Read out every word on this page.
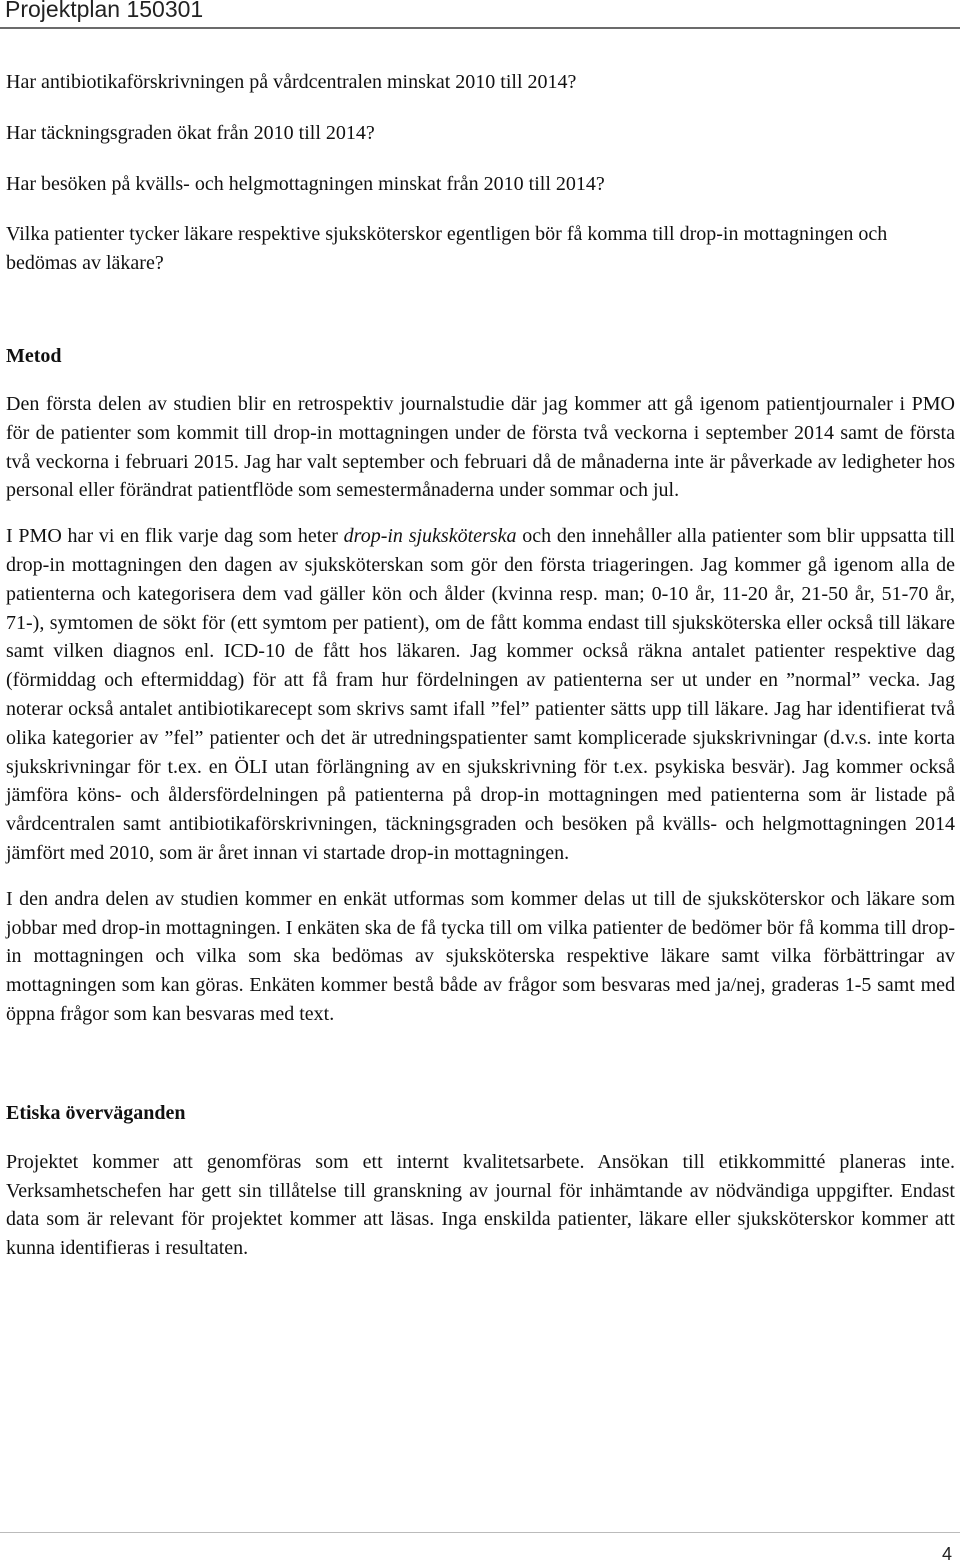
Projektplan 150301

Har antibiotikaförskrivningen på vårdcentralen minskat 2010 till 2014?

Har täckningsgraden ökat från 2010 till 2014?

Har besöken på kvälls- och helgmottagningen minskat från 2010 till 2014?

Vilka patienter tycker läkare respektive sjuksköterskor egentligen bör få komma till drop-in mottagningen och bedömas av läkare?

Metod

Den första delen av studien blir en retrospektiv journalstudie där jag kommer att gå igenom patientjournaler i PMO för de patienter som kommit till drop-in mottagningen under de första två veckorna i september 2014 samt de första två veckorna i februari 2015. Jag har valt september och februari då de månaderna inte är påverkade av ledigheter hos personal eller förändrat patientflöde som semestermånaderna under sommar och jul.

I PMO har vi en flik varje dag som heter drop-in sjuksköterska och den innehåller alla patienter som blir uppsatta till drop-in mottagningen den dagen av sjuksköterskan som gör den första triageringen. Jag kommer gå igenom alla de patienterna och kategorisera dem vad gäller kön och ålder (kvinna resp. man; 0-10 år, 11-20 år, 21-50 år, 51-70 år, 71-), symtomen de sökt för (ett symtom per patient), om de fått komma endast till sjuksköterska eller också till läkare samt vilken diagnos enl. ICD-10 de fått hos läkaren. Jag kommer också räkna antalet patienter respektive dag (förmiddag och eftermiddag) för att få fram hur fördelningen av patienterna ser ut under en ”normal” vecka. Jag noterar också antalet antibiotikarecept som skrivs samt ifall ”fel” patienter sätts upp till läkare. Jag har identifierat två olika kategorier av ”fel” patienter och det är utredningspatienter samt komplicerade sjukskrivningar (d.v.s. inte korta sjukskrivningar för t.ex. en ÖLI utan förlängning av en sjukskrivning för t.ex. psykiska besvär). Jag kommer också jämföra köns- och åldersfördelningen på patienterna på drop-in mottagningen med patienterna som är listade på vårdcentralen samt antibiotikaförskrivningen, täckningsgraden och besöken på kvälls- och helgmottagningen 2014 jämfört med 2010, som är året innan vi startade drop-in mottagningen.

I den andra delen av studien kommer en enkät utformas som kommer delas ut till de sjuksköterskor och läkare som jobbar med drop-in mottagningen. I enkäten ska de få tycka till om vilka patienter de bedömer bör få komma till drop-in mottagningen och vilka som ska bedömas av sjuksköterska respektive läkare samt vilka förbättringar av mottagningen som kan göras. Enkäten kommer bestå både av frågor som besvaras med ja/nej, graderas 1-5 samt med öppna frågor som kan besvaras med text.

Etiska överväganden

Projektet kommer att genomföras som ett internt kvalitetsarbete. Ansökan till etikkommitté planeras inte. Verksamhetschefen har gett sin tillåtelse till granskning av journal för inhämtande av nödvändiga uppgifter. Endast data som är relevant för projektet kommer att läsas. Inga enskilda patienter, läkare eller sjuksköterskor kommer att kunna identifieras i resultaten.

4
